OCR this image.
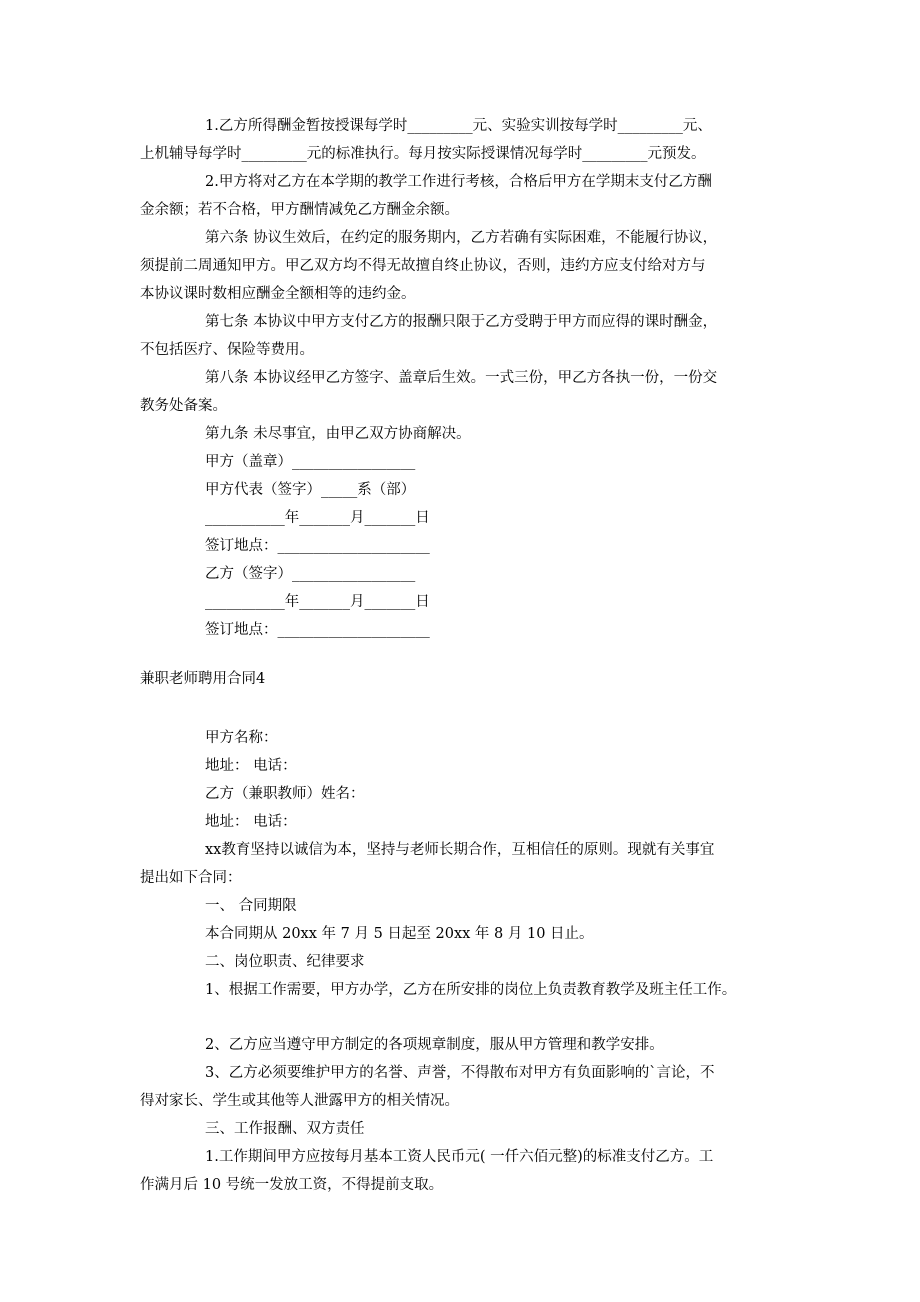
1.乙方所得酬金暂按授课每学时_________元、实验实训按每学时_________元、
上机辅导每学时_________元的标准执行。每月按实际授课情况每学时_________元预发。
2.甲方将对乙方在本学期的教学工作进行考核，合格后甲方在学期末支付乙方酬
金余额；若不合格，甲方酬情减免乙方酬金余额。
第六条 协议生效后，在约定的服务期内，乙方若确有实际困难，不能履行协议，
须提前二周通知甲方。甲乙双方均不得无故擅自终止协议，否则，违约方应支付给对方与
本协议课时数相应酬金全额相等的违约金。
第七条 本协议中甲方支付乙方的报酬只限于乙方受聘于甲方而应得的课时酬金，
不包括医疗、保险等费用。
第八条 本协议经甲乙方签字、盖章后生效。一式三份，甲乙方各执一份，一份交
教务处备案。
第九条 未尽事宜，由甲乙双方协商解决。
甲方（盖章）_________________
甲方代表（签字）_____系（部）
___________年_______月_______日
签订地点：_____________________
乙方（签字）_________________
___________年_______月_______日
签订地点：_____________________
兼职老师聘用合同4
甲方名称：
地址： 电话：
乙方（兼职教师）姓名：
地址： 电话：
xx教育坚持以诚信为本，坚持与老师长期合作，互相信任的原则。现就有关事宜
提出如下合同：
一、 合同期限
本合同期从 20xx 年 7 月 5 日起至 20xx 年 8 月 10 日止。
二、岗位职责、纪律要求
1、根据工作需要，甲方办学，乙方在所安排的岗位上负责教育教学及班主任工作。
2、乙方应当遵守甲方制定的各项规章制度，服从甲方管理和教学安排。
3、乙方必须要维护甲方的名誉、声誉，不得散布对甲方有负面影响的`言论，不
得对家长、学生或其他等人泄露甲方的相关情况。
三、工作报酬、双方责任
1.工作期间甲方应按每月基本工资人民币元( 一仟六佰元整)的标准支付乙方。工
作满月后 10 号统一发放工资，不得提前支取。
